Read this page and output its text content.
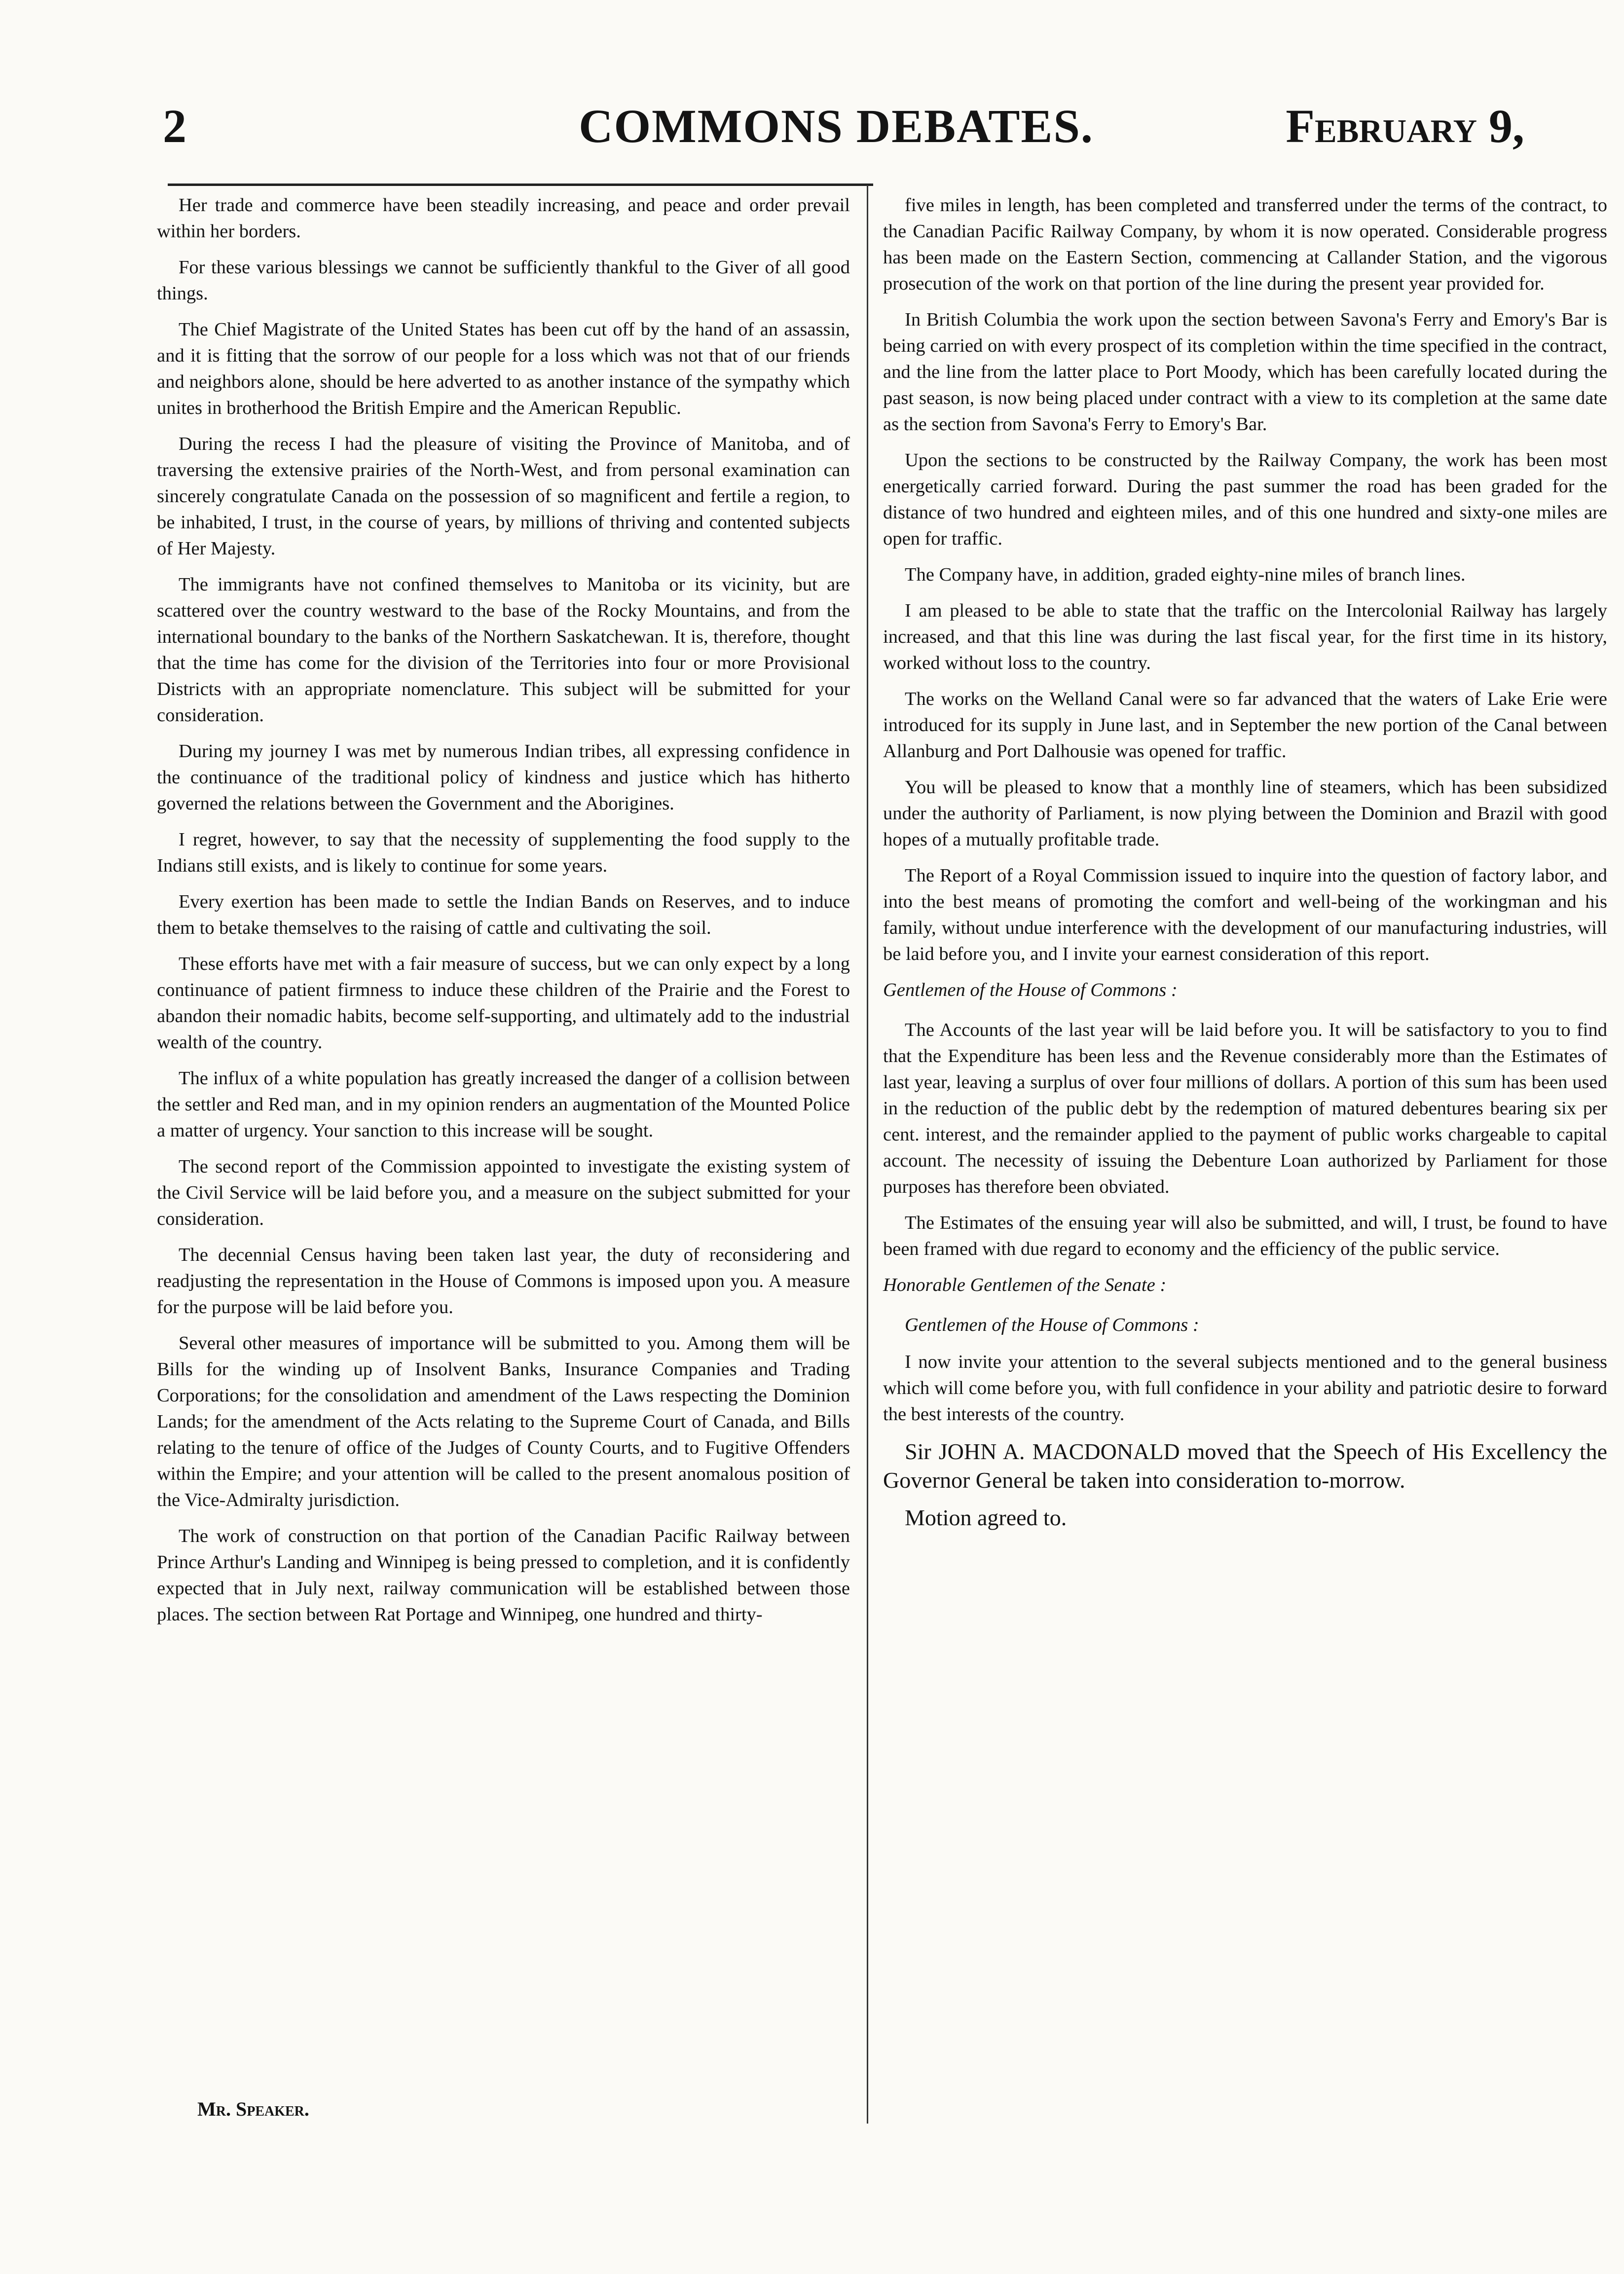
2	COMMONS DEBATES.	February 9,

Her trade and commerce have been steadily increasing, and peace and order prevail within her borders.

For these various blessings we cannot be sufficiently thankful to the Giver of all good things.

The Chief Magistrate of the United States has been cut off by the hand of an assassin, and it is fitting that the sorrow of our people for a loss which was not that of our friends and neighbors alone, should be here adverted to as another instance of the sympathy which unites in brotherhood the British Empire and the American Republic.

During the recess I had the pleasure of visiting the Province of Manitoba, and of traversing the extensive prairies of the North-West, and from personal examination can sincerely congratulate Canada on the possession of so magnificent and fertile a region, to be inhabited, I trust, in the course of years, by millions of thriving and contented subjects of Her Majesty.

The immigrants have not confined themselves to Manitoba or its vicinity, but are scattered over the country westward to the base of the Rocky Mountains, and from the international boundary to the banks of the Northern Saskatchewan. It is, therefore, thought that the time has come for the division of the Territories into four or more Provisional Districts with an appropriate nomenclature. This subject will be submitted for your consideration.

During my journey I was met by numerous Indian tribes, all expressing confidence in the continuance of the traditional policy of kindness and justice which has hitherto governed the relations between the Government and the Aborigines.

I regret, however, to say that the necessity of supplementing the food supply to the Indians still exists, and is likely to continue for some years.

Every exertion has been made to settle the Indian Bands on Reserves, and to induce them to betake themselves to the raising of cattle and cultivating the soil.

These efforts have met with a fair measure of success, but we can only expect by a long continuance of patient firmness to induce these children of the Prairie and the Forest to abandon their nomadic habits, become self-supporting, and ultimately add to the industrial wealth of the country.

The influx of a white population has greatly increased the danger of a collision between the settler and Red man, and in my opinion renders an augmentation of the Mounted Police a matter of urgency. Your sanction to this increase will be sought.

The second report of the Commission appointed to investigate the existing system of the Civil Service will be laid before you, and a measure on the subject submitted for your consideration.

The decennial Census having been taken last year, the duty of reconsidering and readjusting the representation in the House of Commons is imposed upon you. A measure for the purpose will be laid before you.

Several other measures of importance will be submitted to you. Among them will be Bills for the winding up of Insolvent Banks, Insurance Companies and Trading Corporations; for the consolidation and amendment of the Laws respecting the Dominion Lands; for the amendment of the Acts relating to the Supreme Court of Canada, and Bills relating to the tenure of office of the Judges of County Courts, and to Fugitive Offenders within the Empire; and your attention will be called to the present anomalous position of the Vice-Admiralty jurisdiction.

The work of construction on that portion of the Canadian Pacific Railway between Prince Arthur's Landing and Winnipeg is being pressed to completion, and it is confidently expected that in July next, railway communication will be established between those places. The section between Rat Portage and Winnipeg, one hundred and thirty-

Mr. Speaker.

five miles in length, has been completed and transferred under the terms of the contract, to the Canadian Pacific Railway Company, by whom it is now operated. Considerable progress has been made on the Eastern Section, commencing at Callander Station, and the vigorous prosecution of the work on that portion of the line during the present year provided for.

In British Columbia the work upon the section between Savona's Ferry and Emory's Bar is being carried on with every prospect of its completion within the time specified in the contract, and the line from the latter place to Port Moody, which has been carefully located during the past season, is now being placed under contract with a view to its completion at the same date as the section from Savona's Ferry to Emory's Bar.

Upon the sections to be constructed by the Railway Company, the work has been most energetically carried forward. During the past summer the road has been graded for the distance of two hundred and eighteen miles, and of this one hundred and sixty-one miles are open for traffic.

The Company have, in addition, graded eighty-nine miles of branch lines.

I am pleased to be able to state that the traffic on the Intercolonial Railway has largely increased, and that this line was during the last fiscal year, for the first time in its history, worked without loss to the country.

The works on the Welland Canal were so far advanced that the waters of Lake Erie were introduced for its supply in June last, and in September the new portion of the Canal between Allanburg and Port Dalhousie was opened for traffic.

You will be pleased to know that a monthly line of steamers, which has been subsidized under the authority of Parliament, is now plying between the Dominion and Brazil with good hopes of a mutually profitable trade.

The Report of a Royal Commission issued to inquire into the question of factory labor, and into the best means of promoting the comfort and well-being of the workingman and his family, without undue interference with the development of our manufacturing industries, will be laid before you, and I invite your earnest consideration of this report.

Gentlemen of the House of Commons :

The Accounts of the last year will be laid before you. It will be satisfactory to you to find that the Expenditure has been less and the Revenue considerably more than the Estimates of last year, leaving a surplus of over four millions of dollars. A portion of this sum has been used in the reduction of the public debt by the redemption of matured debentures bearing six per cent. interest, and the remainder applied to the payment of public works chargeable to capital account. The necessity of issuing the Debenture Loan authorized by Parliament for those purposes has therefore been obviated.

The Estimates of the ensuing year will also be submitted, and will, I trust, be found to have been framed with due regard to economy and the efficiency of the public service.

Honorable Gentlemen of the Senate :

Gentlemen of the House of Commons :

I now invite your attention to the several subjects mentioned and to the general business which will come before you, with full confidence in your ability and patriotic desire to forward the best interests of the country.

Sir JOHN A. MACDONALD moved that the Speech of His Excellency the Governor General be taken into consideration to-morrow.

Motion agreed to.
